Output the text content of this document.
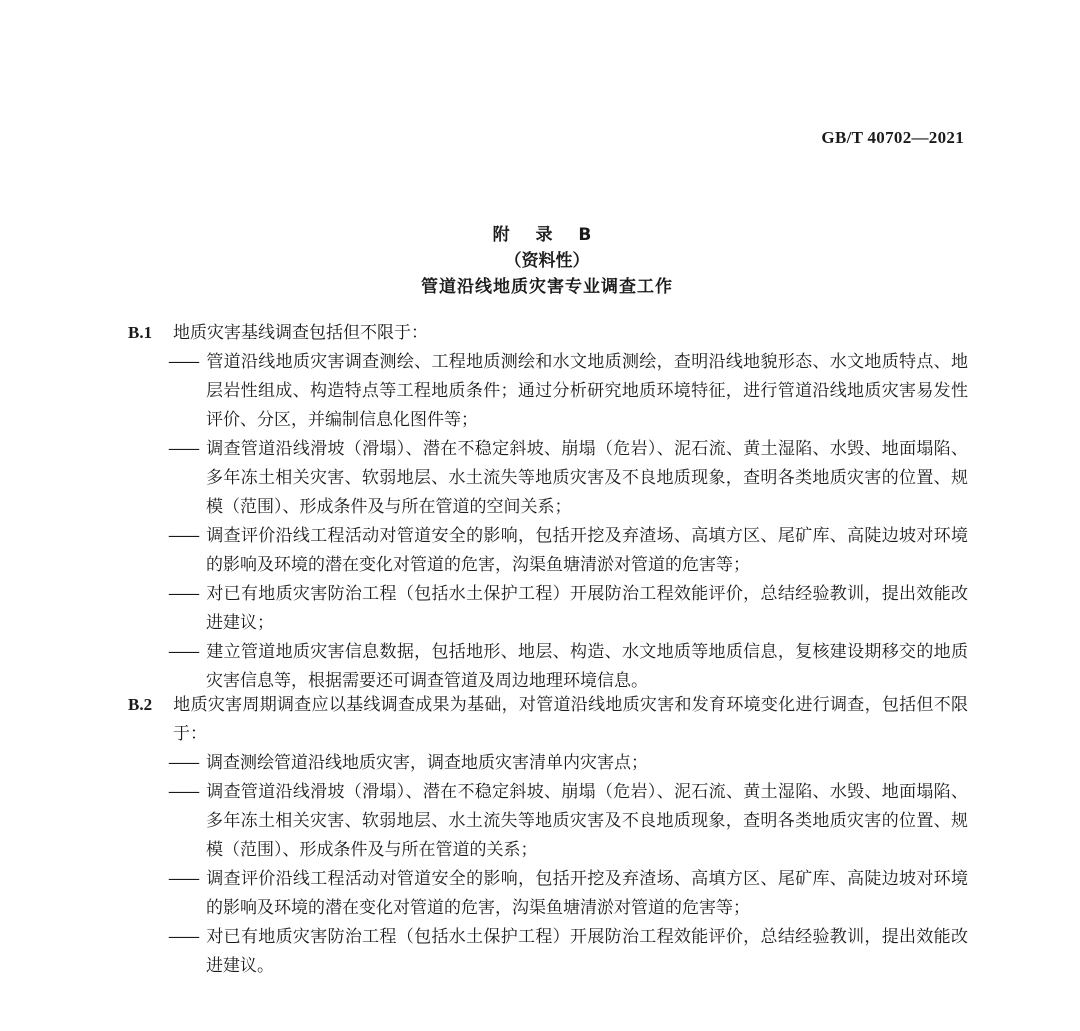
GB/T 40702—2021
附 录 B
（资料性）
管道沿线地质灾害专业调查工作

B.1 地质灾害基线调查包括但不限于：

—— 管道沿线地质灾害调查测绘、工程地质测绘和水文地质测绘，查明沿线地貌形态、水文地质特点、地层岩性组成、构造特点等工程地质条件；通过分析研究地质环境特征，进行管道沿线地质灾害易发性评价、分区，并编制信息化图件等；

—— 调查管道沿线滑坡（滑塌）、潜在不稳定斜坡、崩塌（危岩）、泥石流、黄土湿陷、水毁、地面塌陷、多年冻土相关灾害、软弱地层、水土流失等地质灾害及不良地质现象，查明各类地质灾害的位置、规模（范围）、形成条件及与所在管道的空间关系；

—— 调查评价沿线工程活动对管道安全的影响，包括开挖及弃渣场、高填方区、尾矿库、高陡边坡对环境的影响及环境的潜在变化对管道的危害，沟渠鱼塘清淤对管道的危害等；

—— 对已有地质灾害防治工程（包括水土保护工程）开展防治工程效能评价，总结经验教训，提出效能改进建议；

—— 建立管道地质灾害信息数据，包括地形、地层、构造、水文地质等地质信息，复核建设期移交的地质灾害信息等，根据需要还可调查管道及周边地理环境信息。

B.2 地质灾害周期调查应以基线调查成果为基础，对管道沿线地质灾害和发育环境变化进行调查，包括但不限于：

—— 调查测绘管道沿线地质灾害，调查地质灾害清单内灾害点；

—— 调查管道沿线滑坡（滑塌）、潜在不稳定斜坡、崩塌（危岩）、泥石流、黄土湿陷、水毁、地面塌陷、多年冻土相关灾害、软弱地层、水土流失等地质灾害及不良地质现象，查明各类地质灾害的位置、规模（范围）、形成条件及与所在管道的关系；

—— 调查评价沿线工程活动对管道安全的影响，包括开挖及弃渣场、高填方区、尾矿库、高陡边坡对环境的影响及环境的潜在变化对管道的危害，沟渠鱼塘清淤对管道的危害等；

—— 对已有地质灾害防治工程（包括水土保护工程）开展防治工程效能评价，总结经验教训，提出效能改进建议。
